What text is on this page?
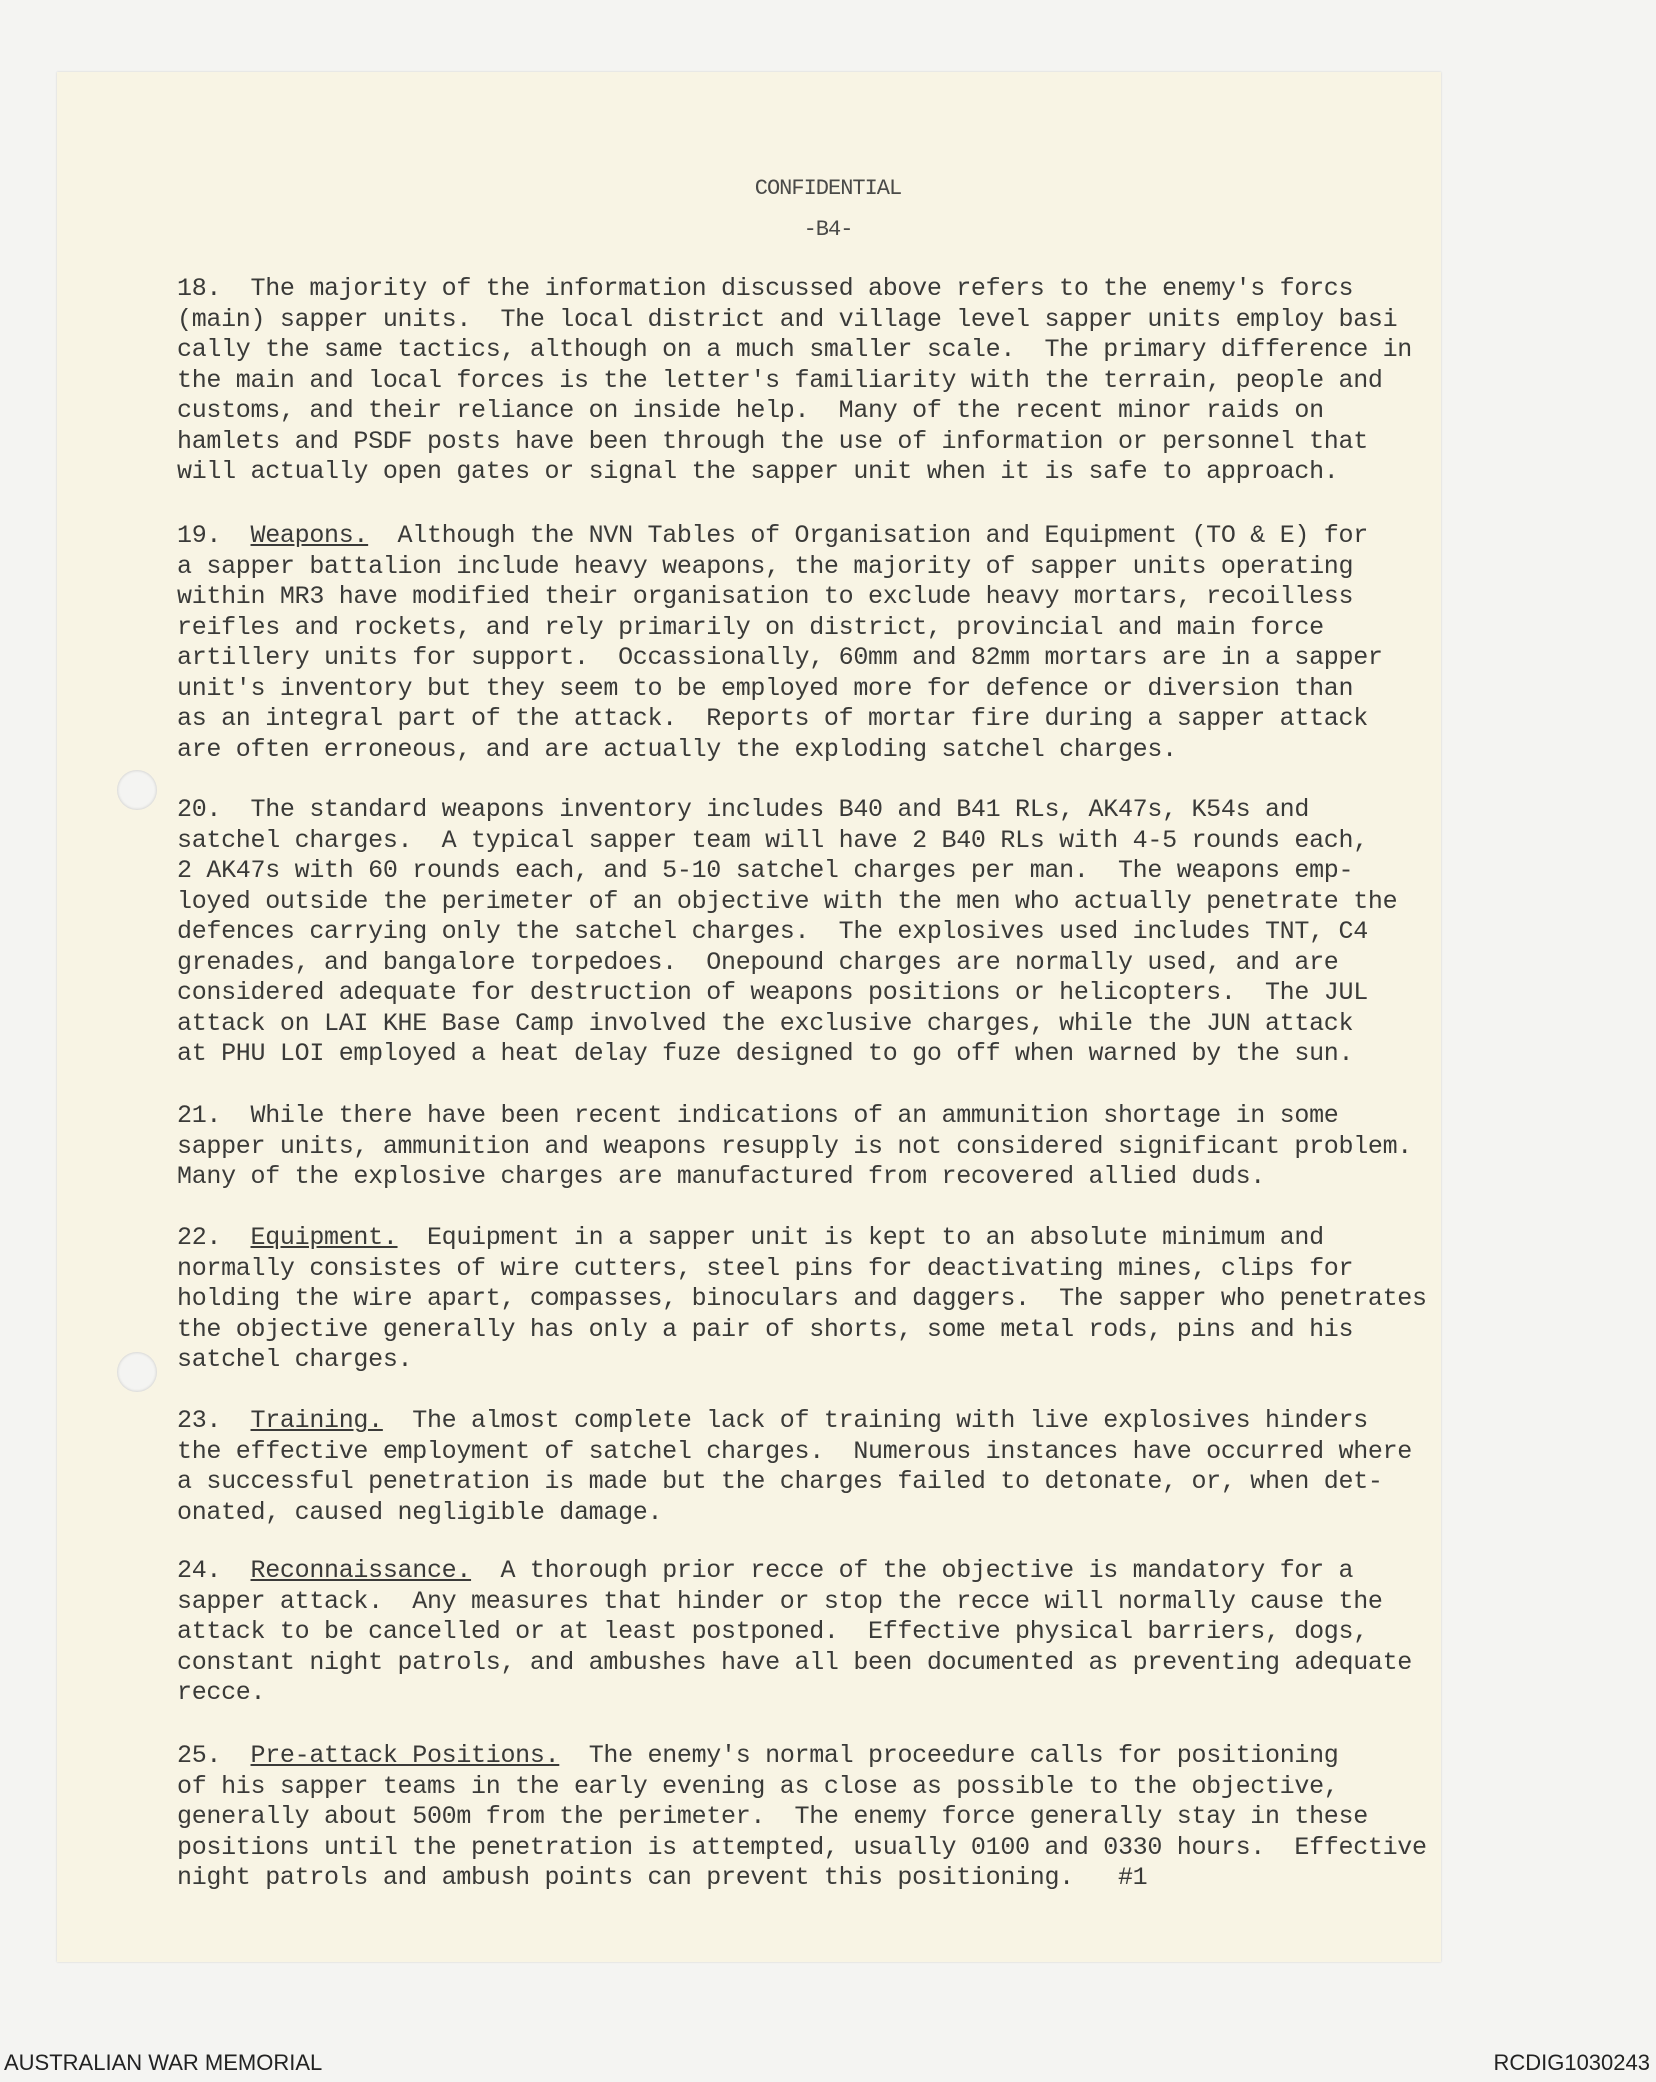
CONFIDENTIAL
-B4-
18. The majority of the information discussed above refers to the enemy's forcs
(main) sapper units.  The local district and village level sapper units employ basi
cally the same tactics, although on a much smaller scale.  The primary difference in
the main and local forces is the letter's familiarity with the terrain, people and
customs, and their reliance on inside help.  Many of the recent minor raids on
hamlets and PSDF posts have been through the use of information or personnel that
will actually open gates or signal the sapper unit when it is safe to approach.
19. Weapons. Although the NVN Tables of Organisation and Equipment (TO & E) for
a sapper battalion include heavy weapons, the majority of sapper units operating
within MR3 have modified their organisation to exclude heavy mortars, recoilless
reifles and rockets, and rely primarily on district, provincial and main force
artillery units for support.  Occassionally, 60mm and 82mm mortars are in a sapper
unit's inventory but they seem to be employed more for defence or diversion than
as an integral part of the attack.  Reports of mortar fire during a sapper attack
are often erroneous, and are actually the exploding satchel charges.
20. The standard weapons inventory includes B40 and B41 RLs, AK47s, K54s and
satchel charges.  A typical sapper team will have 2 B40 RLs with 4-5 rounds each,
2 AK47s with 60 rounds each, and 5-10 satchel charges per man.  The weapons emp-
loyed outside the perimeter of an objective with the men who actually penetrate the
defences carrying only the satchel charges.  The explosives used includes TNT, C4
grenades, and bangalore torpedoes.  Onepound charges are normally used, and are
considered adequate for destruction of weapons positions or helicopters.  The JUL
attack on LAI KHE Base Camp involved the exclusive charges, while the JUN attack
at PHU LOI employed a heat delay fuze designed to go off when warned by the sun.
21. While there have been recent indications of an ammunition shortage in some
sapper units, ammunition and weapons resupply is not considered significant problem.
Many of the explosive charges are manufactured from recovered allied duds.
22. Equipment. Equipment in a sapper unit is kept to an absolute minimum and
normally consistes of wire cutters, steel pins for deactivating mines, clips for
holding the wire apart, compasses, binoculars and daggers.  The sapper who penetrates
the objective generally has only a pair of shorts, some metal rods, pins and his
satchel charges.
23. Training. The almost complete lack of training with live explosives hinders
the effective employment of satchel charges.  Numerous instances have occurred where
a successful penetration is made but the charges failed to detonate, or, when det-
onated, caused negligible damage.
24. Reconnaissance. A thorough prior recce of the objective is mandatory for a
sapper attack.  Any measures that hinder or stop the recce will normally cause the
attack to be cancelled or at least postponed.  Effective physical barriers, dogs,
constant night patrols, and ambushes have all been documented as preventing adequate
recce.
25. Pre-attack Positions. The enemy's normal proceedure calls for positioning
of his sapper teams in the early evening as close as possible to the objective,
generally about 500m from the perimeter.  The enemy force generally stay in these
positions until the penetration is attempted, usually 0100 and 0330 hours.  Effective
night patrols and ambush points can prevent this positioning.   #1
AUSTRALIAN WAR MEMORIAL	RCDIG1030243
